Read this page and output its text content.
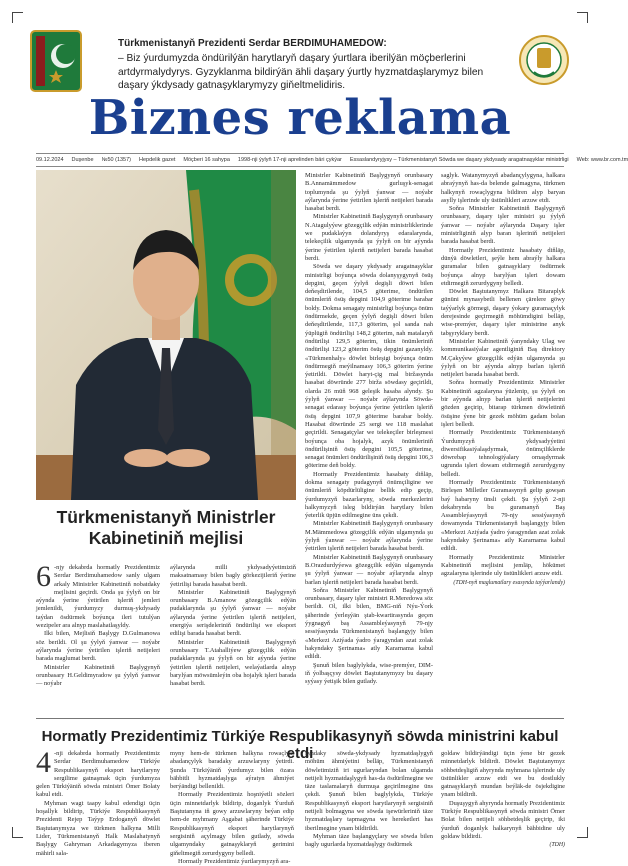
Türkmenistanyň Prezidenti Serdar BERDIMUHAMEDOW:
– Biz ýurdumyzda öndürilýän harytlaryň daşary ýurtlara iberilýän möçberlerini artdyrmalydyrys. Gyzyklanma bildirýän ähli daşary ýurtly hyzmatdaşlarymyz bilen daşary ýkdysady gatnaşyklarymyzy giňeltmelidiris.
Biznes reklama
09.12.2024 Duşenbe №50 (1357) Hepdelik gazet Möçberi 16 sahypa 1998-nji ýylyň 17-nji aprelinden bäri çykýar Essaslandyryjysy – Türkmenistanyň Söwda we daşary ykdysady aragatnaşyklar ministrligi Web: www.br.com.tm
Türkmenistanyň Ministrler Kabinetiniň mejlisi

6 -njy dekabrda hormatly Prezidentimiz Serdar Berdimuhamedow sanly ulgam arkaly Ministrler Kabinetiniň nobatdaky mejlisini geçirdi. Onda şu ýylyň on bir aýynda ýerine ýetirilen işleriň jemleri jemlenildi, ýurdumyzy durmuş-ykdysady taýdan ösdürmek boýunça ileri tutulýan wezipeler ara alnyp maslahatlaşyldy.

Ilki bilen, Mejlisiň Başlygy D.Gulmanowa söz berildi. Ol şu ýylyň ýanwar — noýabr aýlarynda ýerine ýetirilen işleriň netijeleri barada maglumat berdi.

Ministrler Kabinetiniň Başlygynyň orunbasary H.Geldimyradow şu ýylyň ýanwar — noýabr

aýlarynda milli ykdysadyýetimiziň maksatnamasy bilen bagly görkezijileriň ýerine ýetirilişi barada hasabat berdi.

Ministrler Kabinetiniň Başlygynyň orunbasary B.Amanow gözegçilik edýän pudaklarynda şu ýylyň ýanwar — noýabr aýlarynda ýerine ýetirilen işleriň netijeleri, energiýa serişdeleriniň öndürilişi we eksport edilişi barada hasabat berdi.

Ministrler Kabinetiniň Başlygynyň orunbasary T.Atahalliýew gözegçilik edýän pudaklarynda şu ýylyň on bir aýynda ýerine ýetirilen işleriň netijeleri, welaýatlarda alnyp barylýan möwsümleýin oba hojalyk işleri barada hasabat berdi.

Ministrler Kabinetiniň Başlygynyň orunbasary B.Annamämmedow gurluşyk-senagat toplumynda şu ýylyň ýanwar — noýabr aýlarynda ýerine ýetirilen işleriň netijeleri barada hasabat berdi.

Ministrler Kabinetiniň Başlygynyň orunbasary N.Atagulyýew gözegçilik edýän ministrliklerinde we pudaklaýyn dolandyryş edaralarynda, telekeçilik ulgamynda şu ýylyň on bir aýynda ýerine ýetirilen işleriň netijeleri barada hasabat berdi.

Söwda we daşary ykdysady aragatnaşyklar ministrligi boýunça söwda dolanyşygynyň ösüş depgini, geçen ýylyň degişli döwri bilen deňeşdirilende, 104,5 göterime, öndürilen önümleriň ösüş depgini 104,9 göterime barabar boldy. Dokma senagaty ministrligi boýunça önüm öndürmekde, geçen ýylyň degişli döwri bilen deňeşdirilende, 117,3 göterim, şol sanda nah ýüplügiň öndürilişi 148,2 göterim, nah matalaryň öndürilişi 129,5 göterim, tikin önümleriniň öndürilişi 123,2 göterim ösüş depgini gazanyldy. «Türkmenhaly» döwlet birleşigi boýunça önüm öndürmegiň meýilnamasy 106,3 göterim ýerine ýetirildi. Döwlet haryt-çig mal biržasynda hasabat döwründe 277 birža söwdasy geçirildi, olarda 26 müň 968 geleşik hasaba alyndy. Şu ýylyň ýanwar — noýabr aýlarynda Söwda-senagat edarasy boýunça ýerine ýetirilen işleriň ösüş depgini 107,9 göterime barabar boldy. Hasabat döwründe 25 sergi we 118 maslahat geçirildi. Senagatçylar we telekeçiler birleşmesi boýunça oba hojalyk, azyk önümleriniň öndürilişiniň ösüş depgini 105,5 göterime, senagat önümleri öndürilişiniň ösüş depgini 106,3 göterime deň boldy.

Hormatly Prezidentimiz hasabaty diňläp, dokma senagaty pudagynyň önümçiligine we önümleriň köpdürlüligine bellik edip geçip, ýurdumyzyň bazarlaryny, söwda merkezlerini halkymyzyň isleg bildirýän harytlary bilen ýeterlik üpjün edilmegine üns çekdi.

Ministrler Kabinetiniň Başlygynyň orunbasary M.Mämmedowa gözegçilik edýän ulgamynda şu ýylyň ýanwar — noýabr aýlarynda ýerine ýetirilen işleriň netijeleri barada hasabat berdi.

Ministrler Kabinetiniň Başlygynyň orunbasary B.Orazdurdyýewa gözegçilik edýän ulgamynda şu ýylyň ýanwar — noýabr aýlarynda alnyp barlan işleriň netijeleri barada hasabat berdi.

Soňra Ministrler Kabinetiniň Başlygynyň orunbasary, daşary işler ministri R.Meredowa söz berildi. Ol, ilki bilen, BMG-niň Nýu-Ýork şäherinde ýerleşýän ştab-kwartirasynda geçen ýygnagyň baş Assambleýasynyň 79-njy sessiýasynda Türkmenistanyň başlangyjy bilen «Merkezi Aziýada ýadro ýaragyndan azat zolak hakyndaky Şertnama» atly Kararnama kabul edildi.

Şunuň bilen baglylykda, wise-premýer, DIM-iň ýolbaşçysy döwlet Baştutanymyzy bu daşary syýasy ýetişik bilen gutlady.

saglyk. Watanymyzyň abadançylygyna, halkara abraýynyň has-da belende galmagyna, türkmen halkynyň rowaçlygyna bildiren alyp baryan asylly işlerinde uly üstünlikleri arzuw etdi.

Soňra Ministrler Kabinetiniň Başlygynyň orunbasary, daşary işler ministri şu ýylyň ýanwar — noýabr aýlarynda Daşary işler ministrliginiň alyp baran işleriniň netijeleri barada hasabat berdi.

Hormatly Prezidentimiz hasabaty diňläp, dünýä döwletleri, şeýle hem abraýly halkara guramalar bilen gatnaşyklary ösdürmek boýunça alnyp barylýan işleri dowam etdirmegiň zerurdygyny belledi.

Döwlet Baştutanymyz Halkara Bitaraplyk gününi mynasybetli bellenen çärelere göwy taýýarlyk görmegi, daşary ýokary guramaçylyk derejesinde geçirmegiň möhümdigini belläp, wise-premýer, daşary işler ministrine anyk tabşyryklary berdi.

Ministrler Kabinetiniň ýanyndaky Ulag we kommunikasiýalar agentliginiň Baş direktory M.Çakyýew gözegçilik edýän ulgamynda şu ýylyň on bir aýynda alnyp barlan işleriň netijeleri barada hasabat berdi.

Soňra hormatly Prezidentimiz Ministrler Kabinetiniň agzalaryna ýüzlenip, şu ýylyň on bir aýynda alnyp barlan işleriň netijelerini gözden geçirip, bitarap türkmen döwletiniň ösüşine ýene bir gezek möhüm gadam bolan işleri belledi.

Hormatly Prezidentimiz Türkmenistanyň Ýurdumyzyň ykdysadyýetini diwersifikasiýalaşdyrmak, önümçiliklerde döwrebap tehnologiýalary ornaşdyrmak ugrunda işleri dowam etdirmegiň zerurdygyny belledi.

Hormatly Prezidentimiz Türkmenistanyň Birleşen Milletler Guramasynyň gelip gowşan baý habaryny ünsli çekdi. Şu ýylyň 2-nji dekabrynda bu guramanyň Baş Assambleýasynyň 79-njy sessiýasynyň dowamynda Türkmenistanyň başlangyjy bilen «Merkezi Aziýada ýadro ýaragyndan azat zolak hakyndaky Şertnama» atly Kararnama kabul edildi.

Hormatly Prezidentimiz Ministrler Kabinetiniň mejlisini jemläp, hökümet agzalaryna işlerinde uly üstünlikleri arzuw etdi.

(TDH-nyň maglumatlary esasynda taýýarlandy)

Hormatly Prezidentimiz Türkiýe Respublikasynyň söwda ministrini kabul etdi

4 -nji dekabrda hormatly Prezidentimiz Serdar Berdimuhamedow Türkiýe Respublikasynyň eksport harytlaryny sergilime gatnaşmak üçin ýurdumyza gelen Türkiýäniň söwda ministri Ömer Bolaty kabul etdi.

Myhman wagt taapy kabul edendigi üçin hoşallyk bildirip, Türkiýe Respublikasynyň Prezidenti Rejep Taýyp Erdoganyň döwlet Baştutanymyza we türkmen halkyna Milli Lider, Türkmenistanyň Halk Maslahatynyň Başlygy Gahryman Arkadagymyza iberen mähirli sala-

myny hem-de türkmen halkyna rowaçlyk, abadançylyk baradaky arzuwlaryny ýetirdi. Şunda Türkiýäniň ýurdumyz bilen özara bähbitli hyzmatdaşlyga aýratyn ähmiýet berýändigi bellenildi.

Hormatly Prezidentimiz hoşniýetli sözleri üçin minnetdarlyk bildirip, doganlyk Ýurduň Baştutanyna iň gowy arzuwlaryny beýan edip hem-de myhmany Aşgabat şäherinde Türkiýe Respublikasynyň eksport harytlarynyň sergisiniň açylmagy bilen gutlady, söwda ulgamyndaky gatnaşyklaryň gerimini giňeltmegiň zerurdygyny belledi.

Hormatly Prezidentimiz ýurtlarymyzyň ara-

syndaky söwda-ykdysady hyzmatdaşlygyň möhüm ähmiýetini belläp, Türkmenistanyň döwletimiziň iri ugurlaryndan bolan ulgamda netijeli hyzmatdaşlygyň has-da ösdürilmegine we täze taslamalaryň durmuşa geçirilmegine üns çekdi. Şunuň bilen baglylykda, Türkiýe Respublikasynyň eksport harytlarynyň sergisiniň netijeli bolmagyna we söwda işewürleriniň täze hyzmatdaşlary tapmagyna we hereketleri has iberilmegine ynam bildirildi.

Myhman täze başlangyçlary we söwda bilen bagly ugurlarda hyzmatdaşlygy ösdürmek

goldaw bildirýändigi üçin ýene bir gezek minnetdarlyk bildirdi. Döwlet Baştutanymyz söhbetdeşligiň ahyrynda myhmana işlerinde uly üstünlikler arzuw etdi we bu dostlukly gatnaşyklaryň mundan beýläk-de ösjekdigine ynam bildirdi.

Duşuşygyň ahyrynda hormatly Prezidentimiz Türkiýe Respublikasynyň söwda ministri Ömer Bolat bilen netijeli söhbetdeşlik geçirip, iki ýurduň doganlyk halkarynyň bähbidine uly goldaw bildirdi.

(TDH)
